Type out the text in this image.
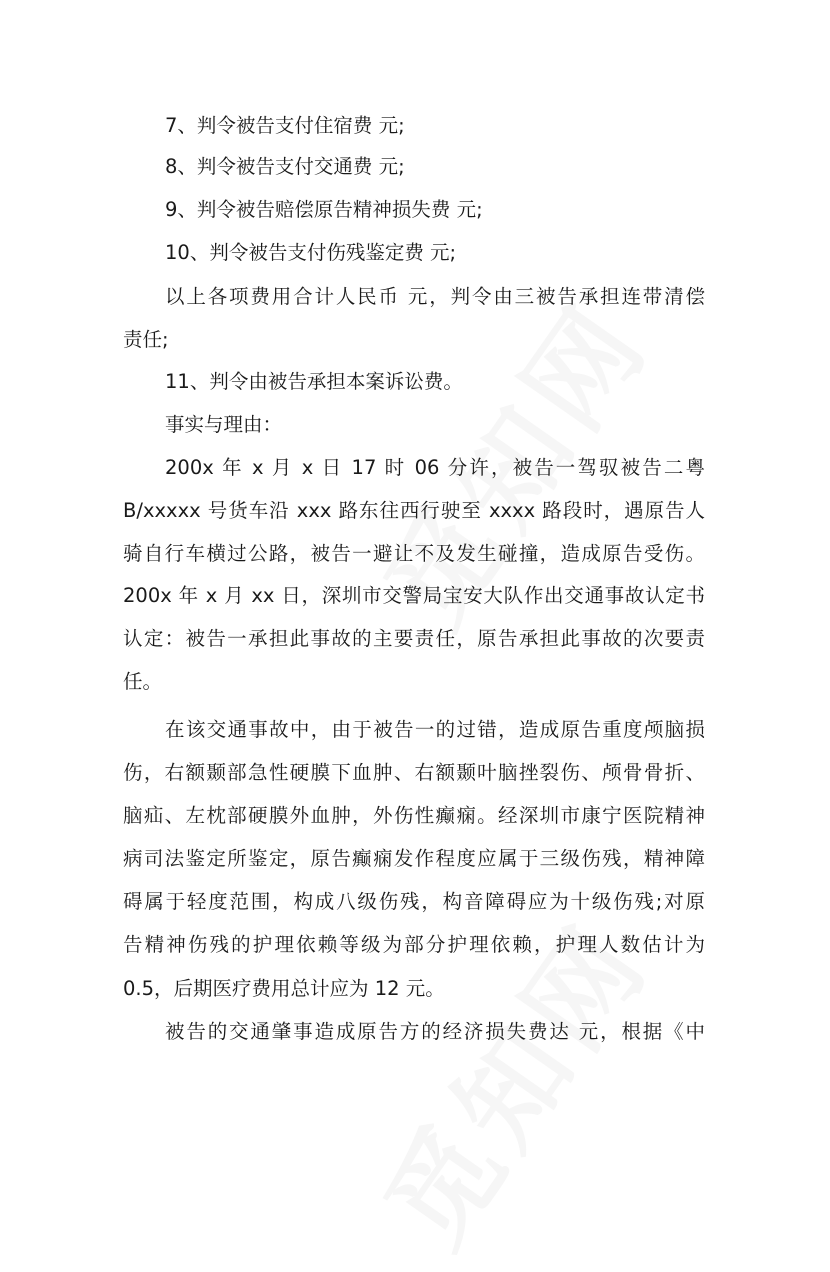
7、判令被告支付住宿费 元;
8、判令被告支付交通费 元;
9、判令被告赔偿原告精神损失费 元;
10、判令被告支付伤残鉴定费 元;
以上各项费用合计人民币 元，判令由三被告承担连带清偿
责任;
11、判令由被告承担本案诉讼费。
事实与理由：
200x 年 x 月 x 日 17 时 06 分许，被告一驾驭被告二粤
B/xxxxx 号货车沿 xxx 路东往西行驶至 xxxx 路段时，遇原告人
骑自行车横过公路，被告一避让不及发生碰撞，造成原告受伤。
200x 年 x 月 xx 日，深圳市交警局宝安大队作出交通事故认定书
认定：被告一承担此事故的主要责任，原告承担此事故的次要责
任。
在该交通事故中，由于被告一的过错，造成原告重度颅脑损
伤，右额颞部急性硬膜下血肿、右额颞叶脑挫裂伤、颅骨骨折、
脑疝、左枕部硬膜外血肿，外伤性癫痫。经深圳市康宁医院精神
病司法鉴定所鉴定，原告癫痫发作程度应属于三级伤残，精神障
碍属于轻度范围，构成八级伤残，构音障碍应为十级伤残;对原
告精神伤残的护理依赖等级为部分护理依赖，护理人数估计为
0.5，后期医疗费用总计应为 12 元。
被告的交通肇事造成原告方的经济损失费达 元，根据《中
